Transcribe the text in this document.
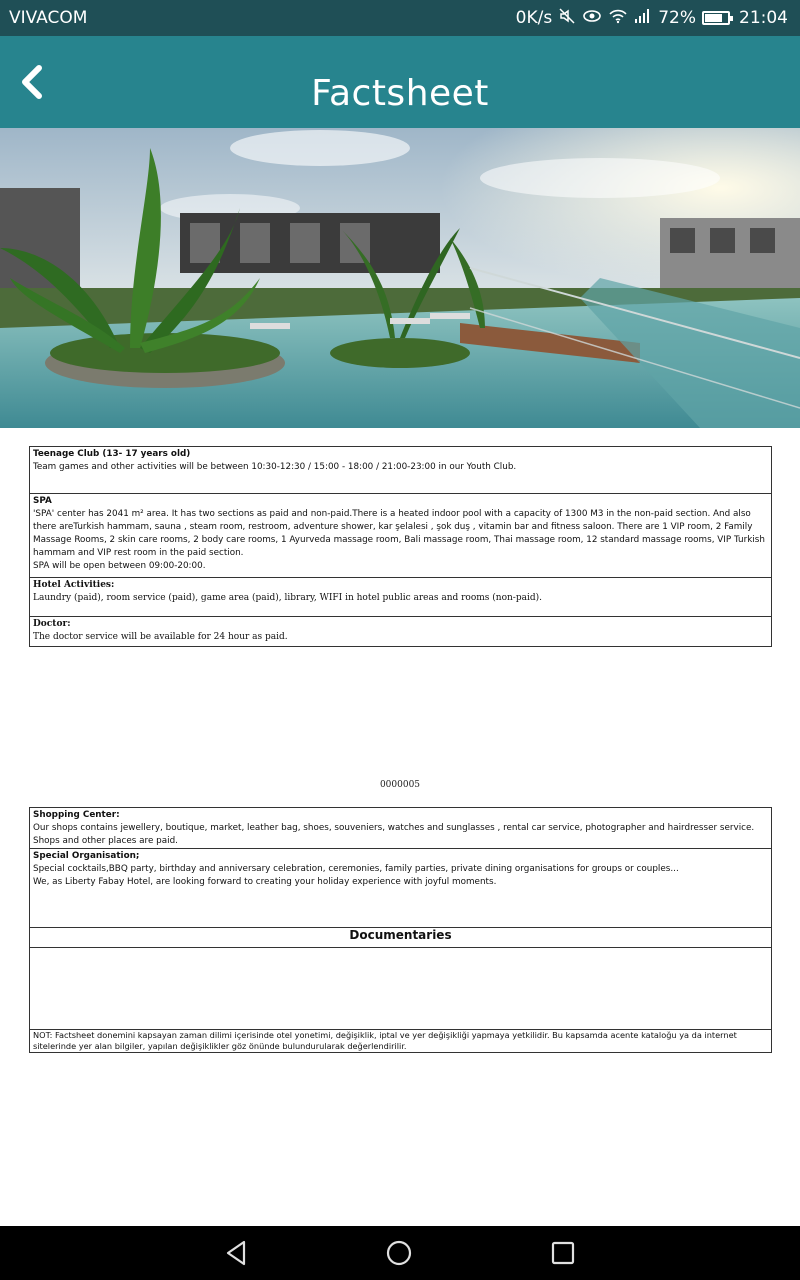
VIVACOM	0K/s	72%	21:04
Factsheet
Teenage Club (13- 17 years old)
Team games and other activities will be between 10:30-12:30 / 15:00 - 18:00 / 21:00-23:00 in our Youth Club.
SPA
'SPA' center has 2041 m² area. It has two sections as paid and non-paid.There is a heated indoor pool with a capacity of 1300 M3 in the non-paid section. And also there areTurkish hammam, sauna , steam room, restroom, adventure shower, kar şelalesi , şok duş , vitamin bar and fitness saloon. There are 1 VIP room, 2 Family Massage Rooms, 2 skin care rooms, 2 body care rooms, 1 Ayurveda massage room, Bali massage room, Thai massage room, 12 standard massage rooms, VIP Turkish hammam and VIP rest room in the paid section.
SPA will be open between 09:00-20:00.
Hotel Activities:
Laundry (paid), room service (paid), game area (paid), library, WIFI in hotel public areas and rooms (non-paid).
Doctor:
The doctor service will be available for 24 hour as paid.
0000005
Shopping Center:
Our shops contains jewellery, boutique, market, leather bag, shoes, souveniers, watches and sunglasses , rental car service, photographer and hairdresser service.
Shops and other places are paid.
Special Organisation;
Special cocktails,BBQ party, birthday and anniversary celebration, ceremonies, family parties, private dining organisations for groups or couples...
We, as Liberty Fabay Hotel, are looking forward to creating your holiday experience with joyful moments.
Documentaries
NOT: Factsheet donemini kapsayan zaman dilimi içerisinde otel yonetimi, değişiklik, iptal ve yer değişikliği yapmaya yetkilidir. Bu kapsamda acente kataloğu ya da internet sitelerinde yer alan bilgiler, yapılan değişiklikler göz önünde bulundurularak değerlendirilir.
